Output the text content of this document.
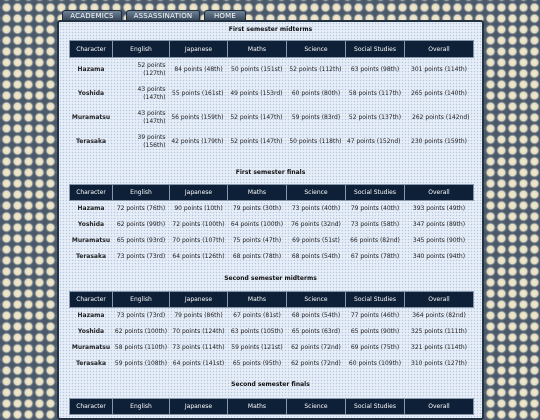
ACADEMICS	ASSASSINATION	HOME
First semester midterms
Character	English	Japanese	Maths	Science	Social Studies	Overall
Hazama	52 points (127th)	84 points (48th)	50 points (151st)	52 points (112th)	63 points (98th)	301 points (114th)
Yoshida	43 points (147th)	55 points (161st)	49 points (153rd)	60 points (80th)	58 points (117th)	265 points (140th)
Muramatsu	43 points (147th)	56 points (159th)	52 points (147th)	59 points (83rd)	52 points (137th)	262 points (142nd)
Terasaka	39 points (156th)	42 points (179th)	52 points (147th)	50 points (118th)	47 points (152nd)	230 points (159th)
First semester finals
Character	English	Japanese	Maths	Science	Social Studies	Overall
Hazama	72 points (76th)	90 points (10th)	79 points (30th)	73 points (40th)	79 points (40th)	393 points (49th)
Yoshida	62 points (99th)	72 points (100th)	64 points (100th)	76 points (32nd)	73 points (58th)	347 points (89th)
Muramatsu	65 points (93rd)	70 points (107th)	75 points (47th)	69 points (51st)	66 points (82nd)	345 points (90th)
Terasaka	73 points (73rd)	64 points (126th)	68 points (78th)	68 points (54th)	67 points (78th)	340 points (94th)
Second semester midterms
Character	English	Japanese	Maths	Science	Social Studies	Overall
Hazama	73 points (73rd)	79 points (86th)	67 points (81st)	68 points (54th)	77 points (46th)	364 points (82nd)
Yoshida	62 points (100th)	70 points (124th)	63 points (105th)	65 points (63rd)	65 points (90th)	325 points (111th)
Muramatsu	58 points (110th)	73 points (114th)	59 points (121st)	62 points (72nd)	69 points (75th)	321 points (114th)
Terasaka	59 points (108th)	64 points (141st)	65 points (95th)	62 points (72nd)	60 points (109th)	310 points (127th)
Second semester finals
Character	English	Japanese	Maths	Science	Social Studies	Overall
